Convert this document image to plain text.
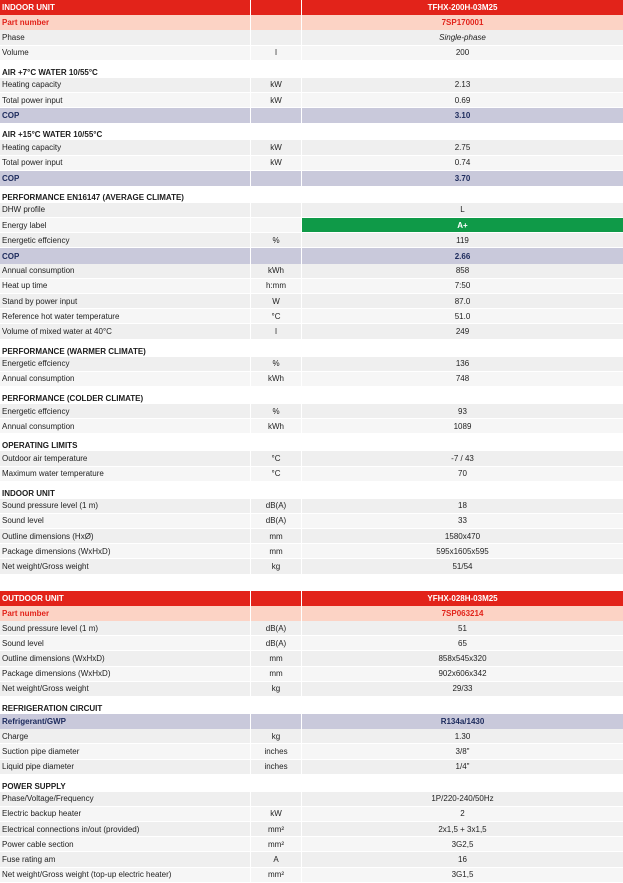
INDOOR UNIT	TFHX-200H-03M25
Part number	7SP170001
Phase	Single-phase
Volume	l	200
AIR +7°C WATER 10/55°C
Heating capacity	kW	2.13
Total power input	kW	0.69
COP	3.10
AIR +15°C WATER 10/55°C
Heating capacity	kW	2.75
Total power input	kW	0.74
COP	3.70
PERFORMANCE EN16147 (AVERAGE CLIMATE)
DHW profile	L
Energy label	A+
Energetic effciency	%	119
COP	2.66
Annual consumption	kWh	858
Heat up time	h:mm	7:50
Stand by power input	W	87.0
Reference hot water temperature	°C	51.0
Volume of mixed water at 40°C	l	249
PERFORMANCE (WARMER CLIMATE)
Energetic effciency	%	136
Annual consumption	kWh	748
PERFORMANCE (COLDER CLIMATE)
Energetic effciency	%	93
Annual consumption	kWh	1089
OPERATING LIMITS
Outdoor air temperature	°C	-7 / 43
Maximum water temperature	°C	70
INDOOR UNIT
Sound pressure level (1 m)	dB(A)	18
Sound level	dB(A)	33
Outline dimensions (HxØ)	mm	1580x470
Package dimensions (WxHxD)	mm	595x1605x595
Net weight/Gross weight	kg	51/54
OUTDOOR UNIT	YFHX-028H-03M25
Part number	7SP063214
Sound pressure level (1 m)	dB(A)	51
Sound level	dB(A)	65
Outline dimensions (WxHxD)	mm	858x545x320
Package dimensions (WxHxD)	mm	902x606x342
Net weight/Gross weight	kg	29/33
REFRIGERATION CIRCUIT
Refrigerant/GWP	R134a/1430
Charge	kg	1.30
Suction pipe diameter	inches	3/8"
Liquid pipe diameter	inches	1/4"
POWER SUPPLY
Phase/Voltage/Frequency	1P/220-240/50Hz
Electric backup heater	kW	2
Electrical connections in/out (provided)	mm²	2x1,5 + 3x1,5
Power cable section	mm²	3G2,5
Fuse rating am	A	16
Net weight/Gross weight (top-up electric heater)	mm²	3G1,5
